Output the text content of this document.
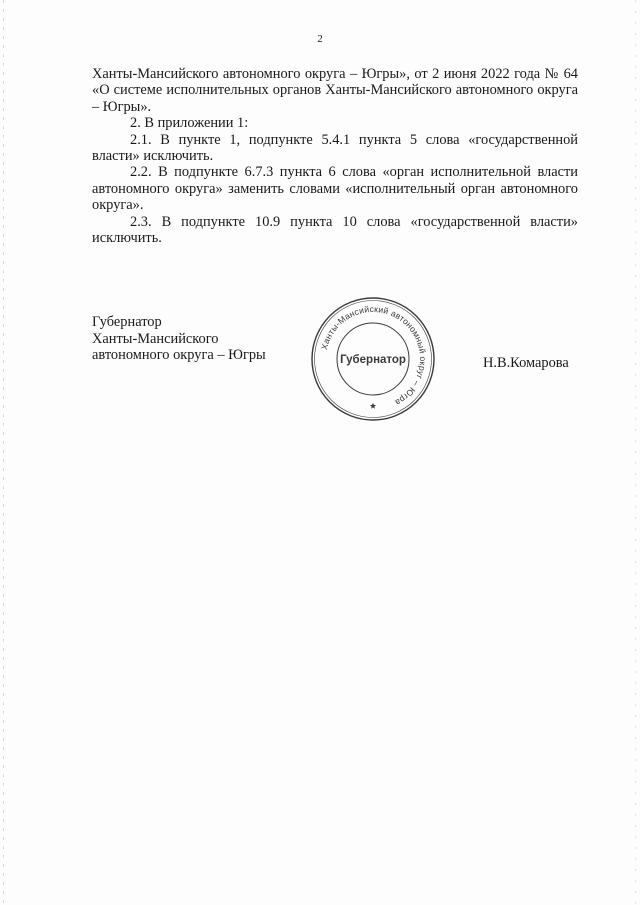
2

Ханты-Мансийского автономного округа – Югры», от 2 июня 2022 года № 64 «О системе исполнительных органов Ханты-Мансийского автономного округа – Югры».

2. В приложении 1:

2.1. В пункте 1, подпункте 5.4.1 пункта 5 слова «государственной власти» исключить.

2.2. В подпункте 6.7.3 пункта 6 слова «орган исполнительной власти автономного округа» заменить словами «исполнительный орган автономного округа».

2.3. В подпункте 10.9 пункта 10 слова «государственной власти» исключить.

Губернатор
Ханты-Мансийского
автономного округа – Югры
Ханты-Мансийский автономный округ – Югра
Губернатор	Н.В.Комарова
